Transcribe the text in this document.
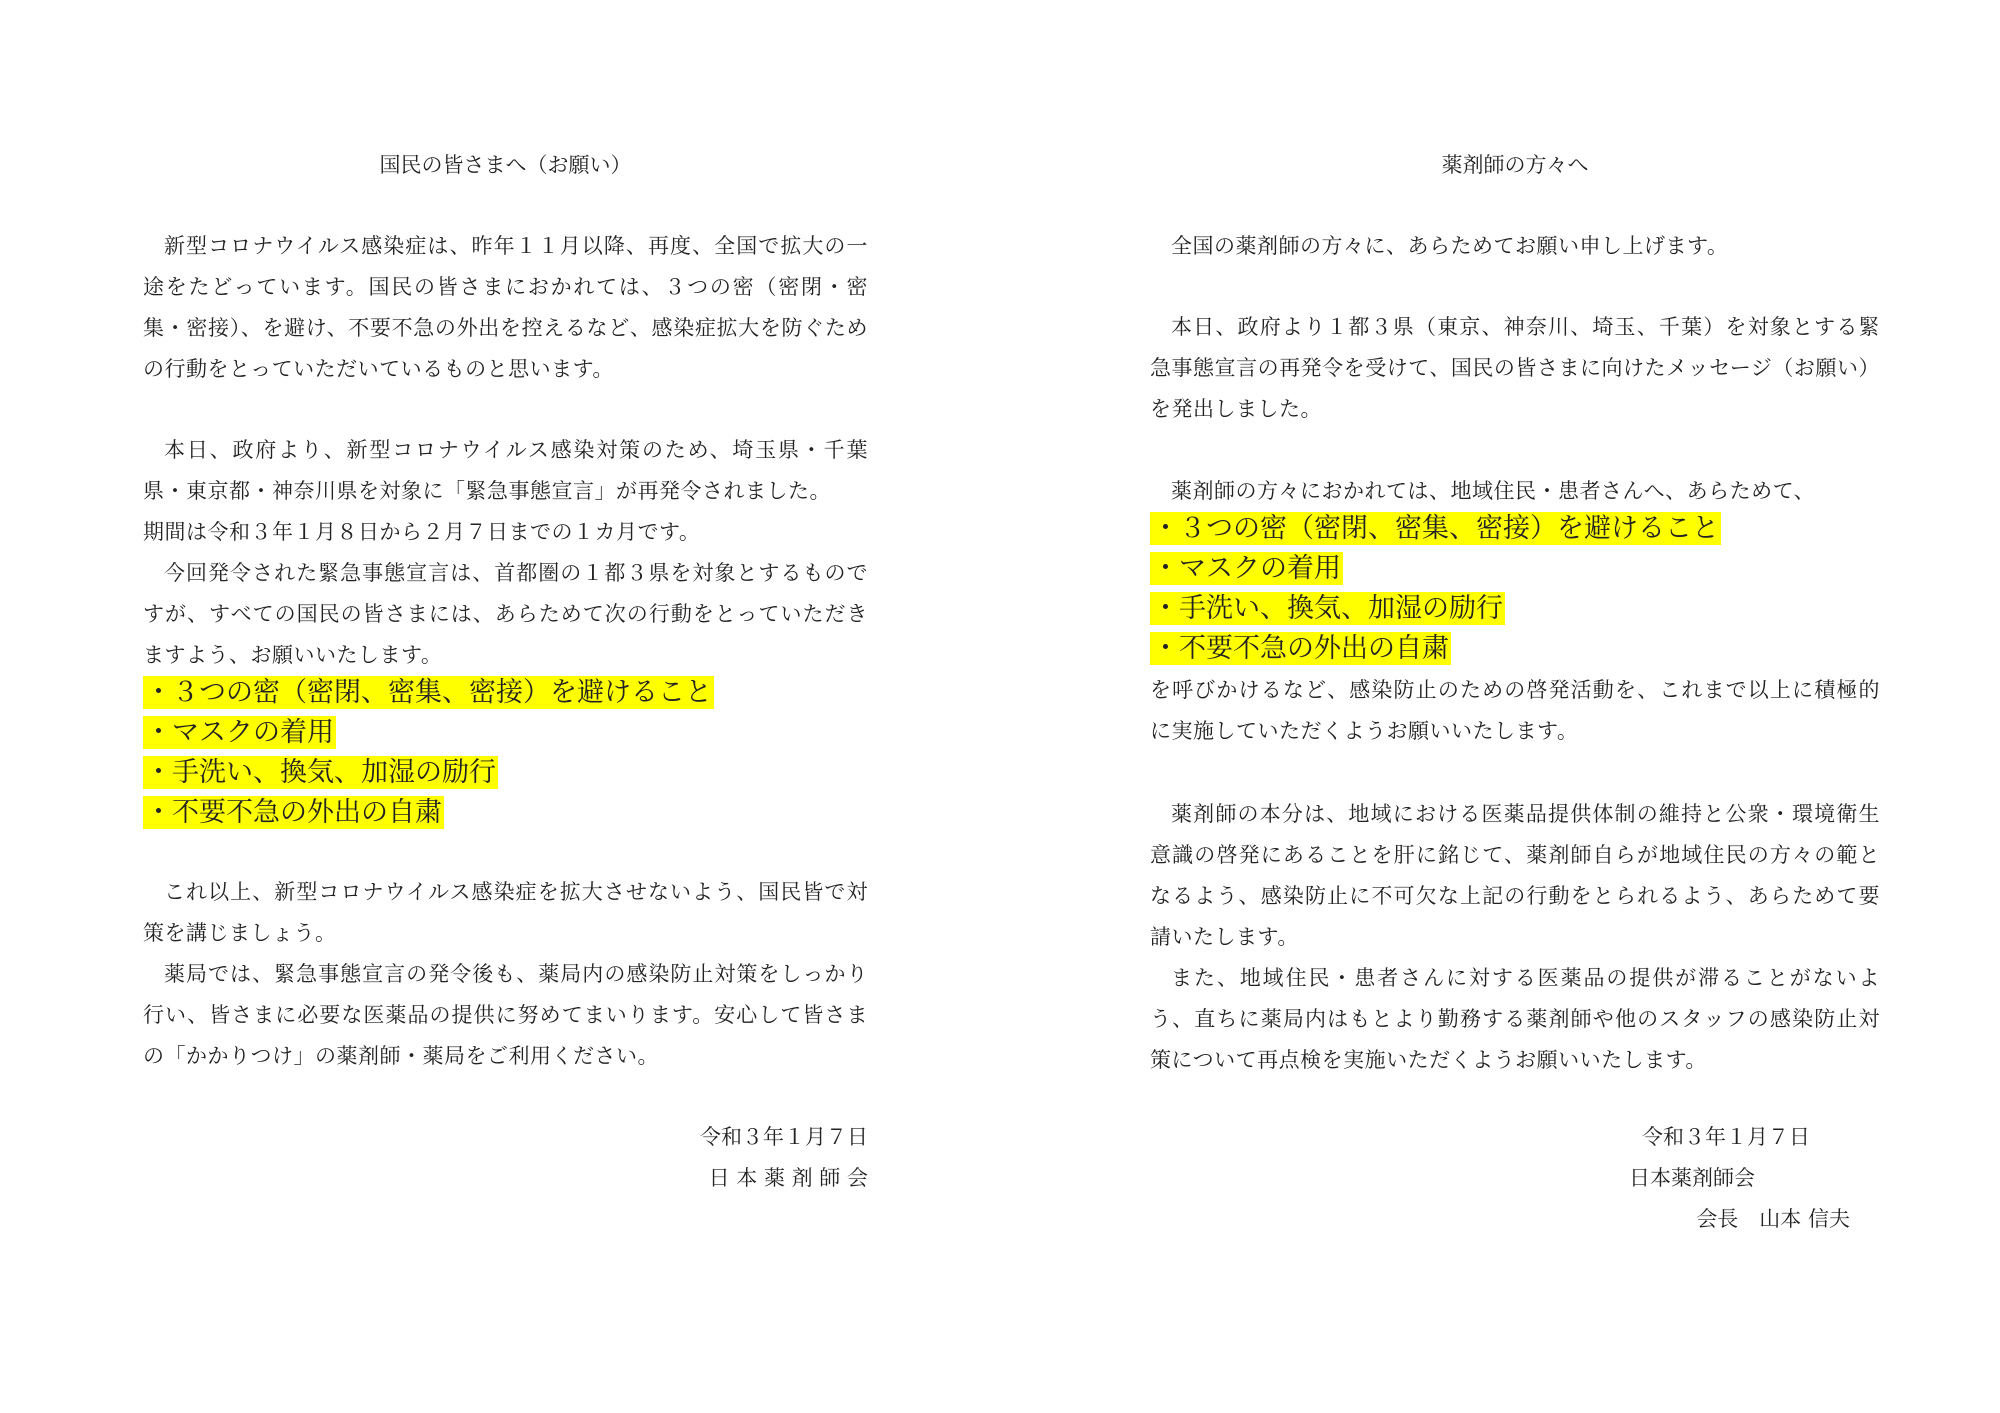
国民の皆さまへ（お願い）

新型コロナウイルス感染症は、昨年１１月以降、再度、全国で拡大の一途をたどっています。国民の皆さまにおかれては、３つの密（密閉・密集・密接）、を避け、不要不急の外出を控えるなど、感染症拡大を防ぐための行動をとっていただいているものと思います。

本日、政府より、新型コロナウイルス感染対策のため、埼玉県・千葉県・東京都・神奈川県を対象に「緊急事態宣言」が再発令されました。

期間は令和３年１月８日から２月７日までの１カ月です。

今回発令された緊急事態宣言は、首都圏の１都３県を対象とするものですが、すべての国民の皆さまには、あらためて次の行動をとっていただきますよう、お願いいたします。

・３つの密（密閉、密集、密接）を避けること
・マスクの着用
・手洗い、換気、加湿の励行
・不要不急の外出の自粛

これ以上、新型コロナウイルス感染症を拡大させないよう、国民皆で対策を講じましょう。

薬局では、緊急事態宣言の発令後も、薬局内の感染防止対策をしっかり行い、皆さまに必要な医薬品の提供に努めてまいります。安心して皆さまの「かかりつけ」の薬剤師・薬局をご利用ください。

令和３年１月７日

日 本 薬 剤 師 会

薬剤師の方々へ

全国の薬剤師の方々に、あらためてお願い申し上げます。

本日、政府より１都３県（東京、神奈川、埼玉、千葉）を対象とする緊急事態宣言の再発令を受けて、国民の皆さまに向けたメッセージ（お願い）を発出しました。

薬剤師の方々におかれては、地域住民・患者さんへ、あらためて、

・３つの密（密閉、密集、密接）を避けること
・マスクの着用
・手洗い、換気、加湿の励行
・不要不急の外出の自粛

を呼びかけるなど、感染防止のための啓発活動を、これまで以上に積極的に実施していただくようお願いいたします。

薬剤師の本分は、地域における医薬品提供体制の維持と公衆・環境衛生意識の啓発にあることを肝に銘じて、薬剤師自らが地域住民の方々の範となるよう、感染防止に不可欠な上記の行動をとられるよう、あらためて要請いたします。

また、地域住民・患者さんに対する医薬品の提供が滞ることがないよう、直ちに薬局内はもとより勤務する薬剤師や他のスタッフの感染防止対策について再点検を実施いただくようお願いいたします。

令和３年１月７日

日本薬剤師会

会長　山本 信夫
